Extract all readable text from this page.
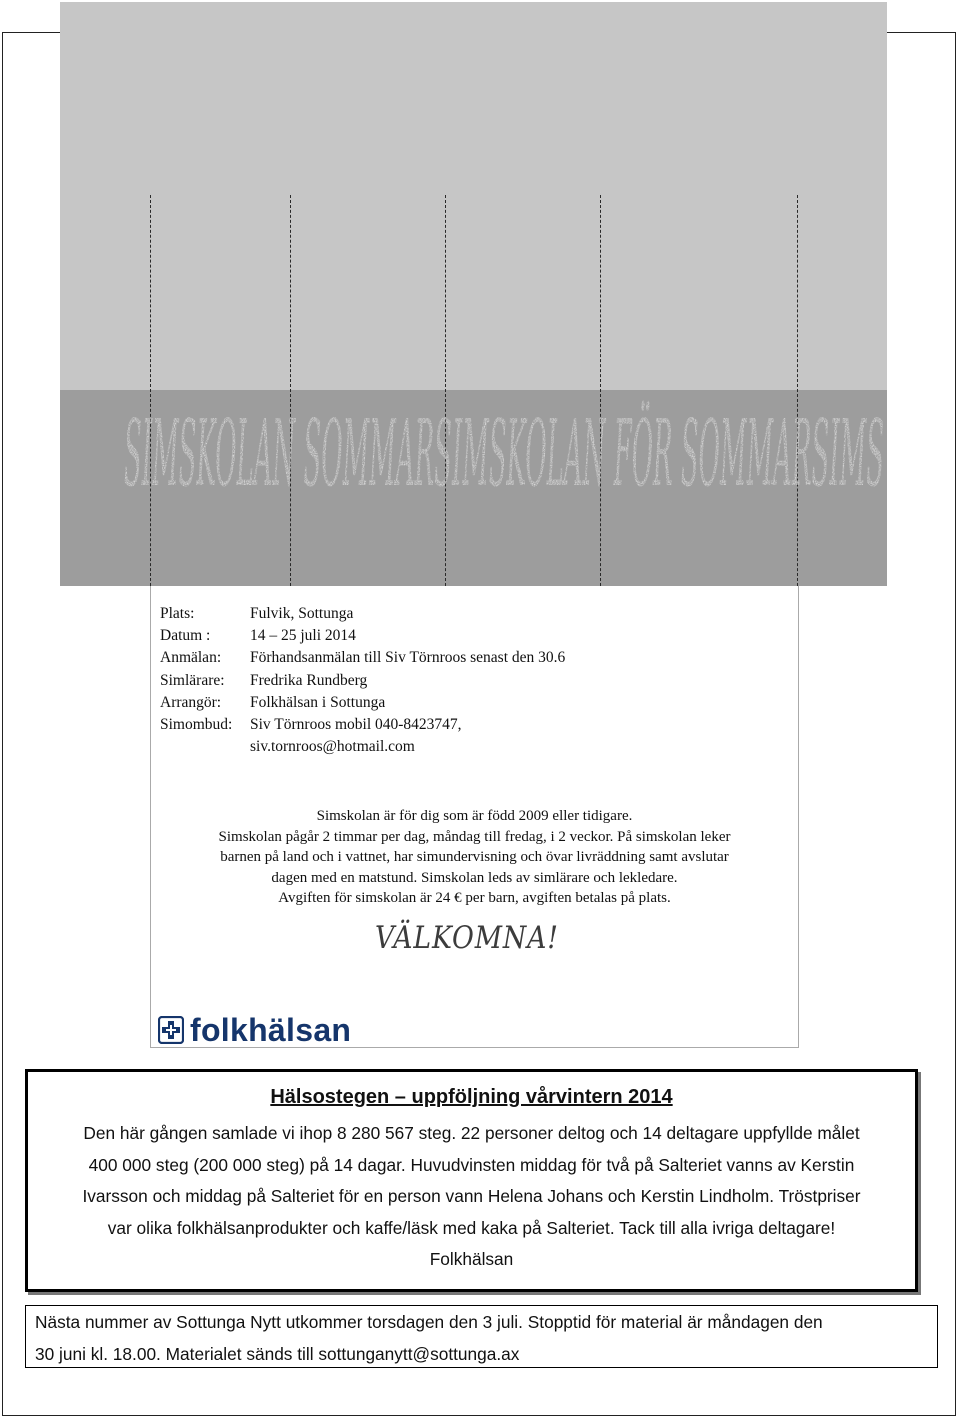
SIMSKOLAN SOMMARSIMSKOLAN FÖR SOMMARSIMS
Plats:	Fulvik, Sottunga
Datum :	14 – 25 juli 2014
Anmälan:	Förhandsanmälan till Siv Törnroos senast den 30.6
Simlärare:	Fredrika Rundberg
Arrangör:	Folkhälsan i Sottunga
Simombud:	Siv Törnroos mobil 040-8423747,
siv.tornroos@hotmail.com
Simskolan är för dig som är född 2009 eller tidigare.
Simskolan pågår 2 timmar per dag, måndag till fredag, i 2 veckor. På simskolan leker
barnen på land och i vattnet, har simundervisning och övar livräddning samt avslutar
dagen med en matstund. Simskolan leds av simlärare och lekledare.
Avgiften för simskolan är 24 € per barn, avgiften betalas på plats.
VÄLKOMNA!
folkhälsan
Hälsostegen – uppföljning vårvintern 2014
Den här gången samlade vi ihop 8 280 567 steg. 22 personer deltog och 14 deltagare uppfyllde målet
400 000 steg (200 000 steg) på 14 dagar. Huvudvinsten middag för två på Salteriet vanns av Kerstin
Ivarsson och middag på Salteriet för en person vann Helena Johans och Kerstin Lindholm. Tröstpriser
var olika folkhälsanprodukter och kaffe/läsk med kaka på Salteriet. Tack till alla ivriga deltagare!
Folkhälsan
Nästa nummer av Sottunga Nytt utkommer torsdagen den 3 juli. Stopptid för material är måndagen den
30 juni kl. 18.00. Materialet sänds till sottunganytt@sottunga.ax
